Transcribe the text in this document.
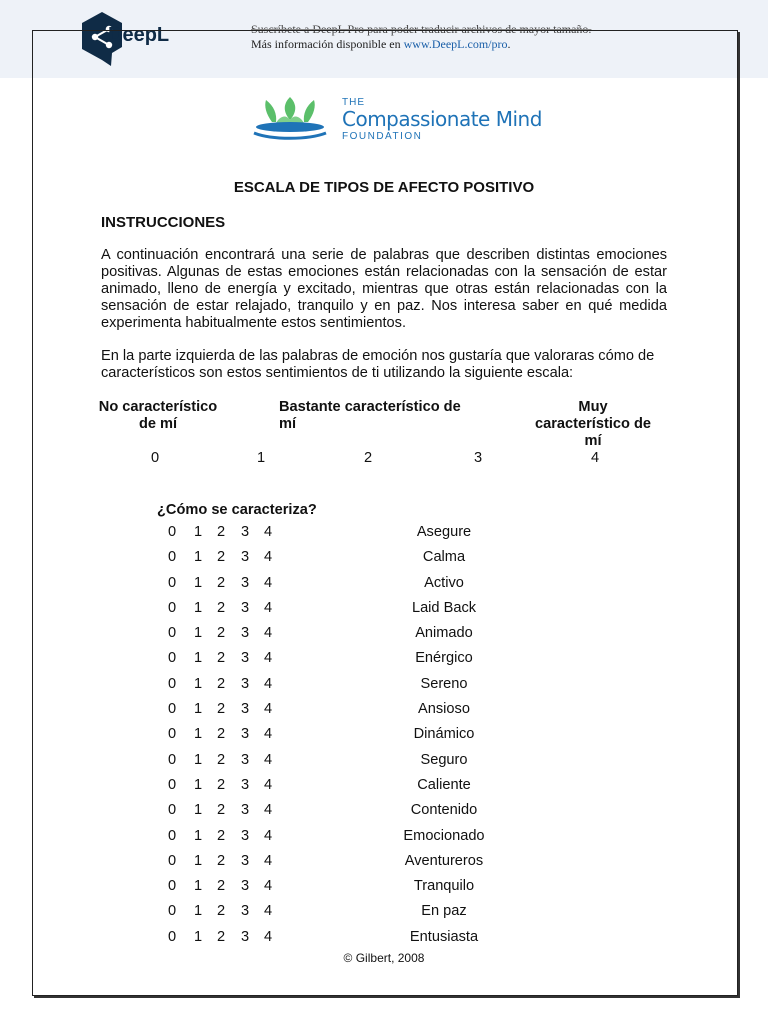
DeepL	Suscríbete a DeepL Pro para poder traducir archivos de mayor tamaño.
Más información disponible en www.DeepL.com/pro.
THE
Compassionate Mind
FOUNDATION
ESCALA DE TIPOS DE AFECTO POSITIVO
INSTRUCCIONES
A continuación encontrará una serie de palabras que describen distintas emociones positivas. Algunas de estas emociones están relacionadas con la sensación de estar animado, lleno de energía y excitado, mientras que otras están relacionadas con la sensación de estar relajado, tranquilo y en paz. Nos interesa saber en qué medida experimenta habitualmente estos sentimientos.
En la parte izquierda de las palabras de emoción nos gustaría que valoraras cómo de característicos son estos sentimientos de ti utilizando la siguiente escala:
No característico de mí
Bastante característico de mí
Muy característico de mí
0	1	2	3	4
¿Cómo se caracteriza?
0 1 2 3 4	Asegure
0 1 2 3 4	Calma
0 1 2 3 4	Activo
0 1 2 3 4	Laid Back
0 1 2 3 4	Animado
0 1 2 3 4	Enérgico
0 1 2 3 4	Sereno
0 1 2 3 4	Ansioso
0 1 2 3 4	Dinámico
0 1 2 3 4	Seguro
0 1 2 3 4	Caliente
0 1 2 3 4	Contenido
0 1 2 3 4	Emocionado
0 1 2 3 4	Aventureros
0 1 2 3 4	Tranquilo
0 1 2 3 4	En paz
0 1 2 3 4	Entusiasta
© Gilbert, 2008
